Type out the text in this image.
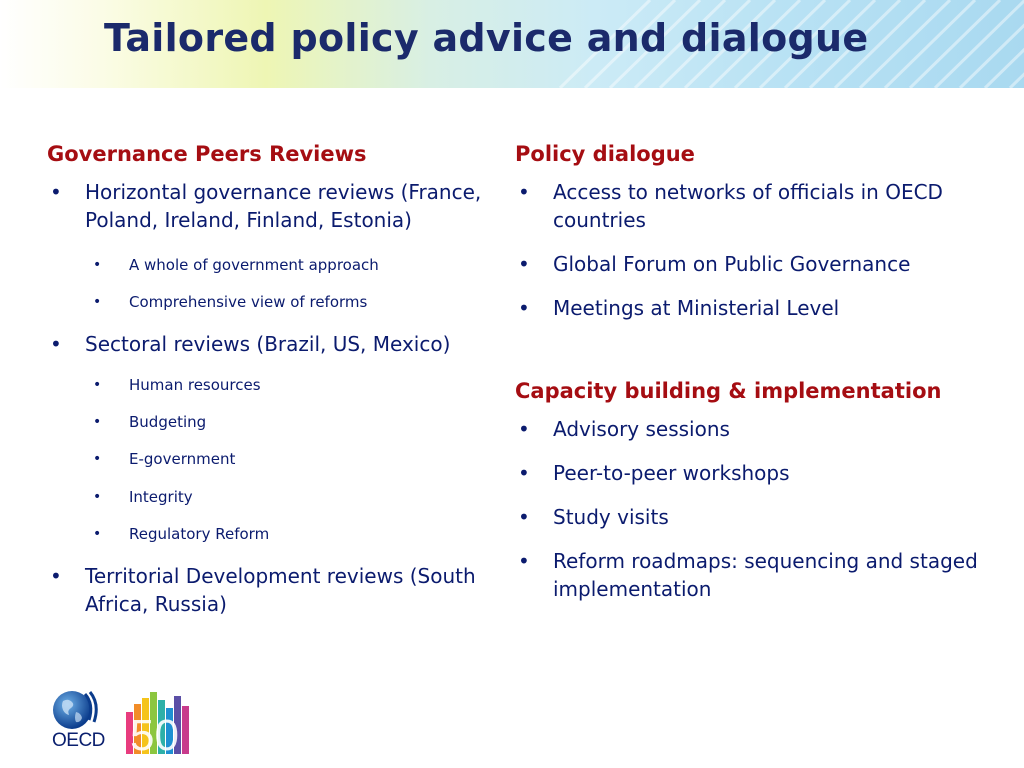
Tailored policy advice and dialogue
Governance Peers Reviews
• Horizontal governance reviews (France, Poland, Ireland, Finland, Estonia)
• A whole of government approach
• Comprehensive view of reforms
• Sectoral reviews (Brazil, US, Mexico)
• Human resources
• Budgeting
• E-government
• Integrity
• Regulatory Reform
• Territorial Development reviews (South Africa, Russia)
Policy dialogue
• Access to networks of officials in OECD countries
• Global Forum on Public Governance
• Meetings at Ministerial Level
Capacity building & implementation
• Advisory sessions
• Peer-to-peer workshops
• Study visits
• Reform roadmaps: sequencing and staged implementation
OECD 50
